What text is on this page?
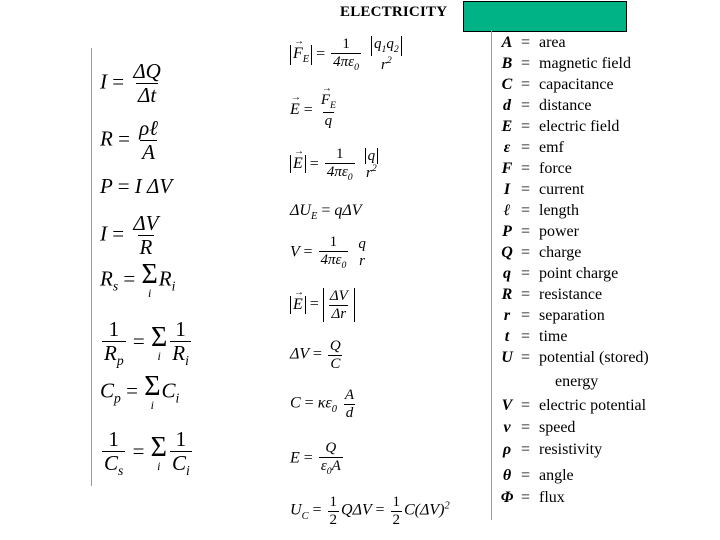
ELECTRICITY
$I = \frac{\Delta Q}{\Delta t}$
$R = \frac{\text{ρℓ}}{A}$
P = I ΔV
$I = \frac{\Delta V}{R}$
$R_s = \Sigma$
i
$R_i$
$\frac{1}{R_p} = \Sigma$
i $\frac{1}{R_i}$
$C_p = \Sigma$
i
$C_i$
$\frac{1}{C_s} = \Sigma$
i $\frac{1}{C_i}$
→ $F_E = \frac{1}{4\pi\varepsilon_0}$
$q_1q_2$
$r^2$
→ E =
→ $\frac{F_E}{q}$
→ $E = \frac{1}{4\pi\varepsilon_0}$
q
$r^2$
$\Delta U_E = q\Delta V$
$V = \frac{1}{4\pi\varepsilon_0}$
q
r
→ $E = \frac{\Delta V}{\Delta r}$
$\Delta V = \frac{Q}{C}$
$C = \kappa\varepsilon_0 \frac{A}{d}$
$E = \frac{Q}{\varepsilon_0A}$
$U_C = \frac{1}{2}$ $Q\Delta V = \frac{1}{2} C(\Delta V)^2$
A = area
B = magnetic field
C = capacitance
d = distance
E = electric field
ε = emf
F = force
I = current
ℓ = length
P = power
Q = charge
q = point charge
R = resistance
r = separation
t = time
U = potential (stored)
energy
V = electric potential
v = speed
ρ = resistivity
θ = angle
Φ = flux
